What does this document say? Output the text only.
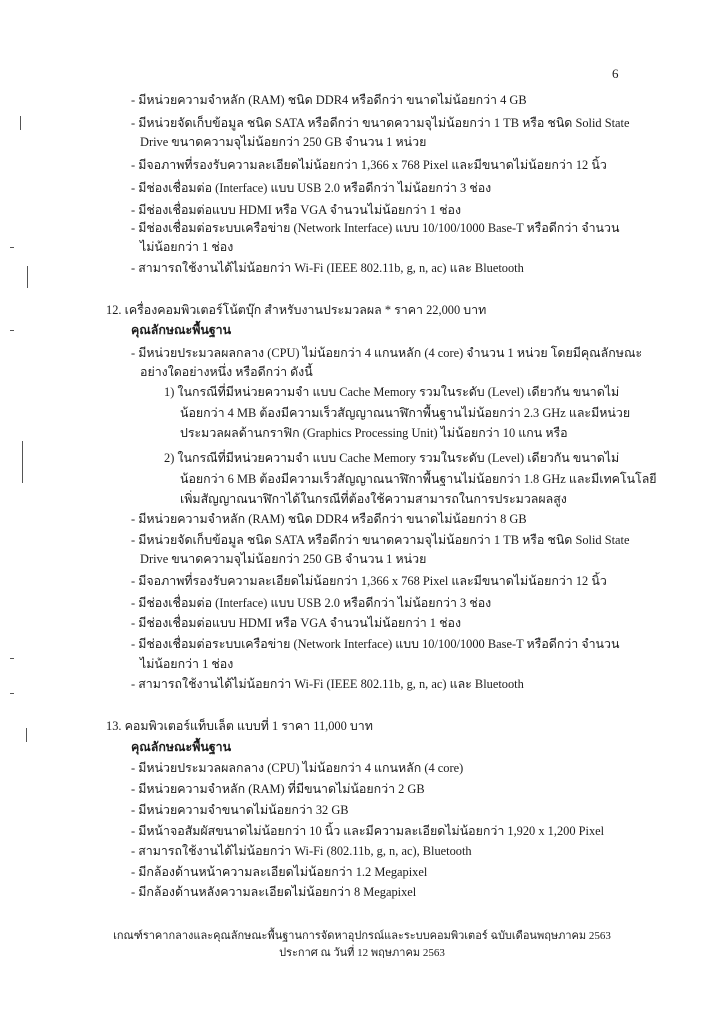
6
- มีหน่วยความจำหลัก (RAM) ชนิด DDR4 หรือดีกว่า ขนาดไม่น้อยกว่า 4 GB
- มีหน่วยจัดเก็บข้อมูล ชนิด SATA หรือดีกว่า ขนาดความจุไม่น้อยกว่า 1 TB หรือ ชนิด Solid State
Drive ขนาดความจุไม่น้อยกว่า 250 GB จำนวน 1 หน่วย
- มีจอภาพที่รองรับความละเอียดไม่น้อยกว่า 1,366 x 768 Pixel และมีขนาดไม่น้อยกว่า 12 นิ้ว
- มีช่องเชื่อมต่อ (Interface) แบบ USB 2.0 หรือดีกว่า ไม่น้อยกว่า 3 ช่อง
- มีช่องเชื่อมต่อแบบ HDMI หรือ VGA จำนวนไม่น้อยกว่า 1 ช่อง
- มีช่องเชื่อมต่อระบบเครือข่าย (Network Interface) แบบ 10/100/1000 Base-T หรือดีกว่า จำนวน
ไม่น้อยกว่า 1 ช่อง
- สามารถใช้งานได้ไม่น้อยกว่า Wi-Fi (IEEE 802.11b, g, n, ac) และ Bluetooth
12. เครื่องคอมพิวเตอร์โน้ตบุ๊ก สำหรับงานประมวลผล * ราคา 22,000 บาท
คุณลักษณะพื้นฐาน
- มีหน่วยประมวลผลกลาง (CPU) ไม่น้อยกว่า 4 แกนหลัก (4 core) จำนวน 1 หน่วย โดยมีคุณลักษณะ
อย่างใดอย่างหนึ่ง หรือดีกว่า ดังนี้
1) ในกรณีที่มีหน่วยความจำ แบบ Cache Memory รวมในระดับ (Level) เดียวกัน ขนาดไม่
น้อยกว่า 4 MB ต้องมีความเร็วสัญญาณนาฬิกาพื้นฐานไม่น้อยกว่า 2.3 GHz และมีหน่วย
ประมวลผลด้านกราฟิก (Graphics Processing Unit) ไม่น้อยกว่า 10 แกน หรือ
2) ในกรณีที่มีหน่วยความจำ แบบ Cache Memory รวมในระดับ (Level) เดียวกัน ขนาดไม่
น้อยกว่า 6 MB ต้องมีความเร็วสัญญาณนาฬิกาพื้นฐานไม่น้อยกว่า 1.8 GHz และมีเทคโนโลยี
เพิ่มสัญญาณนาฬิกาได้ในกรณีที่ต้องใช้ความสามารถในการประมวลผลสูง
- มีหน่วยความจำหลัก (RAM) ชนิด DDR4 หรือดีกว่า ขนาดไม่น้อยกว่า 8 GB
- มีหน่วยจัดเก็บข้อมูล ชนิด SATA หรือดีกว่า ขนาดความจุไม่น้อยกว่า 1 TB หรือ ชนิด Solid State
Drive ขนาดความจุไม่น้อยกว่า 250 GB จำนวน 1 หน่วย
- มีจอภาพที่รองรับความละเอียดไม่น้อยกว่า 1,366 x 768 Pixel และมีขนาดไม่น้อยกว่า 12 นิ้ว
- มีช่องเชื่อมต่อ (Interface) แบบ USB 2.0 หรือดีกว่า ไม่น้อยกว่า 3 ช่อง
- มีช่องเชื่อมต่อแบบ HDMI หรือ VGA จำนวนไม่น้อยกว่า 1 ช่อง
- มีช่องเชื่อมต่อระบบเครือข่าย (Network Interface) แบบ 10/100/1000 Base-T หรือดีกว่า จำนวน
ไม่น้อยกว่า 1 ช่อง
- สามารถใช้งานได้ไม่น้อยกว่า Wi-Fi (IEEE 802.11b, g, n, ac) และ Bluetooth
13. คอมพิวเตอร์แท็บเล็ต แบบที่ 1 ราคา 11,000 บาท
คุณลักษณะพื้นฐาน
- มีหน่วยประมวลผลกลาง (CPU) ไม่น้อยกว่า 4 แกนหลัก (4 core)
- มีหน่วยความจำหลัก (RAM) ที่มีขนาดไม่น้อยกว่า 2 GB
- มีหน่วยความจำขนาดไม่น้อยกว่า 32 GB
- มีหน้าจอสัมผัสขนาดไม่น้อยกว่า 10 นิ้ว และมีความละเอียดไม่น้อยกว่า 1,920 x 1,200 Pixel
- สามารถใช้งานได้ไม่น้อยกว่า Wi-Fi (802.11b, g, n, ac), Bluetooth
- มีกล้องด้านหน้าความละเอียดไม่น้อยกว่า 1.2 Megapixel
- มีกล้องด้านหลังความละเอียดไม่น้อยกว่า 8 Megapixel
เกณฑ์ราคากลางและคุณลักษณะพื้นฐานการจัดหาอุปกรณ์และระบบคอมพิวเตอร์ ฉบับเดือนพฤษภาคม 2563
ประกาศ ณ วันที่ 12 พฤษภาคม 2563
